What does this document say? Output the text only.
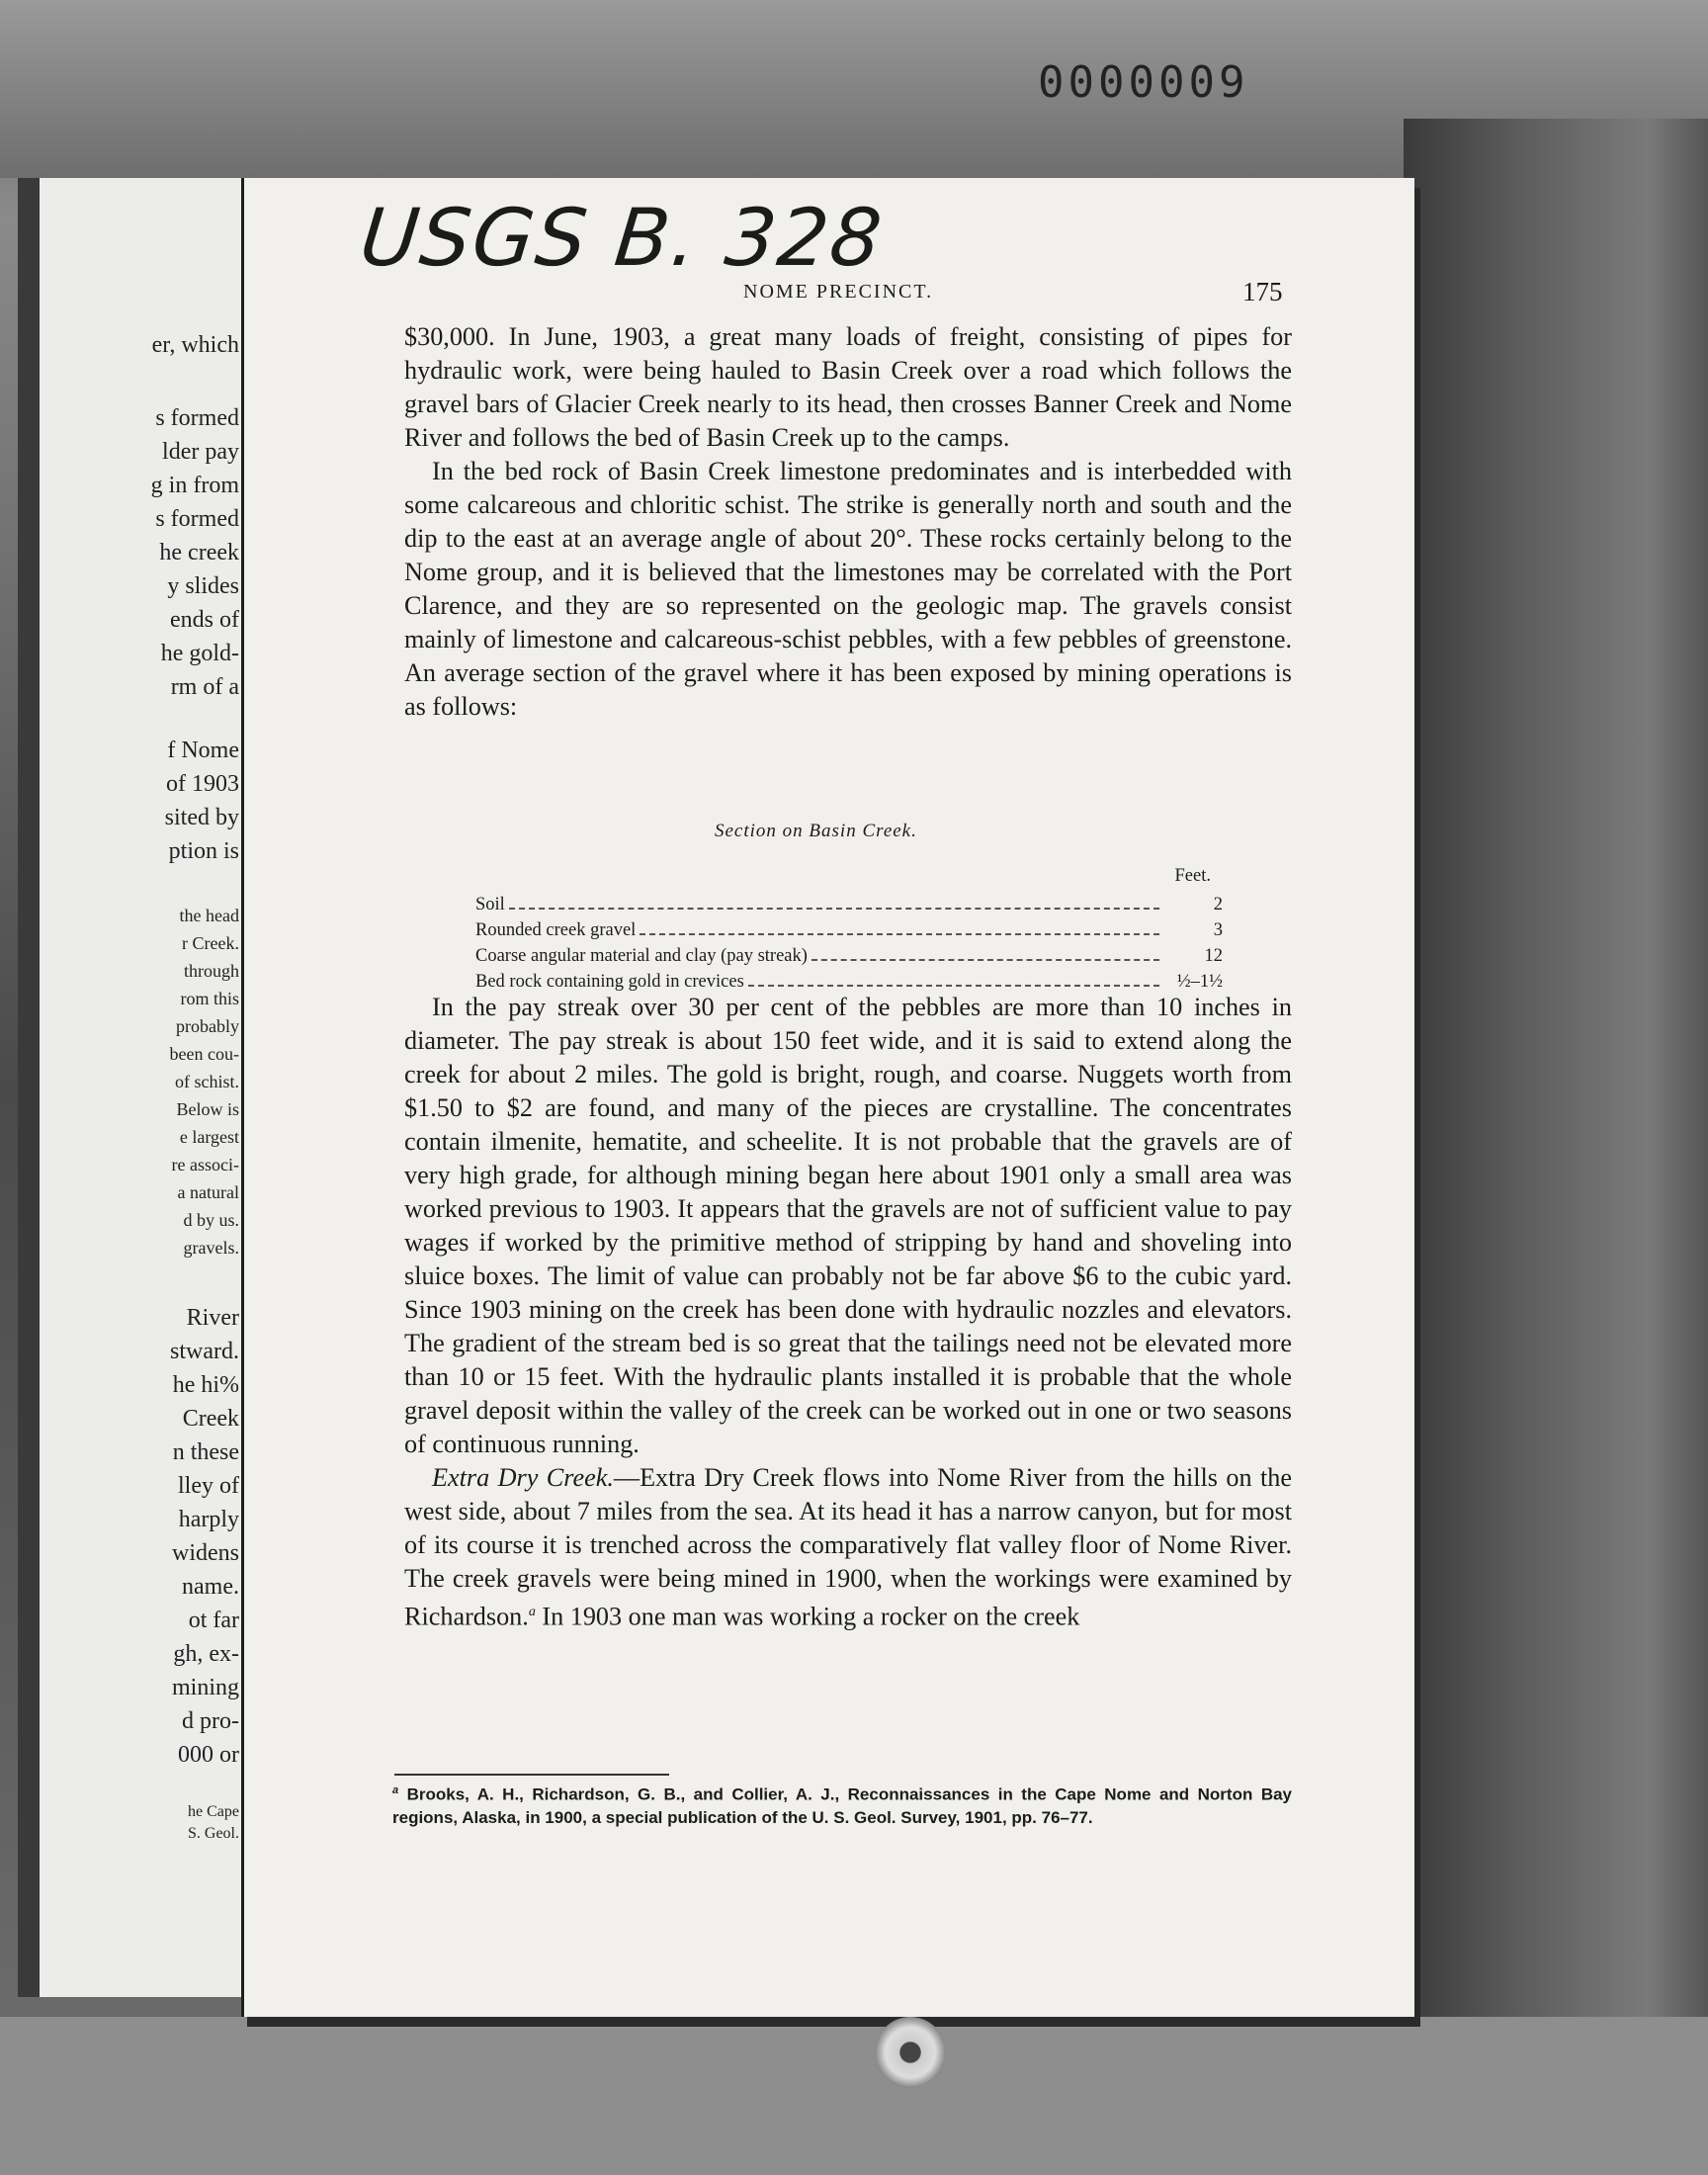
0000009
er, which
s formed
lder pay
g in from
s formed
he creek
y slides
ends of
he gold-
rm of a
f Nome
of 1903
sited by
ption is
the head
r Creek.
through
rom this
probably
been cou-
of schist.
Below is
e largest
re associ-
a natural
d by us.
gravels.
River
stward.
he hi%
Creek
n these
lley of
harply
widens
name.
ot far
gh, ex-
mining
d pro-
000 or
he Cape
S. Geol.
USGS B. 328
NOME PRECINCT.	175

$30,000. In June, 1903, a great many loads of freight, consisting of pipes for hydraulic work, were being hauled to Basin Creek over a road which follows the gravel bars of Glacier Creek nearly to its head, then crosses Banner Creek and Nome River and follows the bed of Basin Creek up to the camps.

In the bed rock of Basin Creek limestone predominates and is interbedded with some calcareous and chloritic schist. The strike is generally north and south and the dip to the east at an average angle of about 20°. These rocks certainly belong to the Nome group, and it is believed that the limestones may be correlated with the Port Clarence, and they are so represented on the geologic map. The gravels consist mainly of limestone and calcareous-schist pebbles, with a few pebbles of greenstone. An average section of the gravel where it has been exposed by mining operations is as follows:

Section on Basin Creek.
Feet.
Soil	2
Rounded creek gravel	3
Coarse angular material and clay (pay streak)	12
Bed rock containing gold in crevices	½–1½

In the pay streak over 30 per cent of the pebbles are more than 10 inches in diameter. The pay streak is about 150 feet wide, and it is said to extend along the creek for about 2 miles. The gold is bright, rough, and coarse. Nuggets worth from $1.50 to $2 are found, and many of the pieces are crystalline. The concentrates contain ilmenite, hematite, and scheelite. It is not probable that the gravels are of very high grade, for although mining began here about 1901 only a small area was worked previous to 1903. It appears that the gravels are not of sufficient value to pay wages if worked by the primitive method of stripping by hand and shoveling into sluice boxes. The limit of value can probably not be far above $6 to the cubic yard. Since 1903 mining on the creek has been done with hydraulic nozzles and elevators. The gradient of the stream bed is so great that the tailings need not be elevated more than 10 or 15 feet. With the hydraulic plants installed it is probable that the whole gravel deposit within the valley of the creek can be worked out in one or two seasons of continuous running.

Extra Dry Creek.—Extra Dry Creek flows into Nome River from the hills on the west side, about 7 miles from the sea. At its head it has a narrow canyon, but for most of its course it is trenched across the comparatively flat valley floor of Nome River. The creek gravels were being mined in 1900, when the workings were examined by Richardson.$^a$ In 1903 one man was working a rocker on the creek

$^a$ Brooks, A. H., Richardson, G. B., and Collier, A. J., Reconnaissances in the Cape Nome and Norton Bay regions, Alaska, in 1900, a special publication of the U. S. Geol. Survey, 1901, pp. 76–77.
